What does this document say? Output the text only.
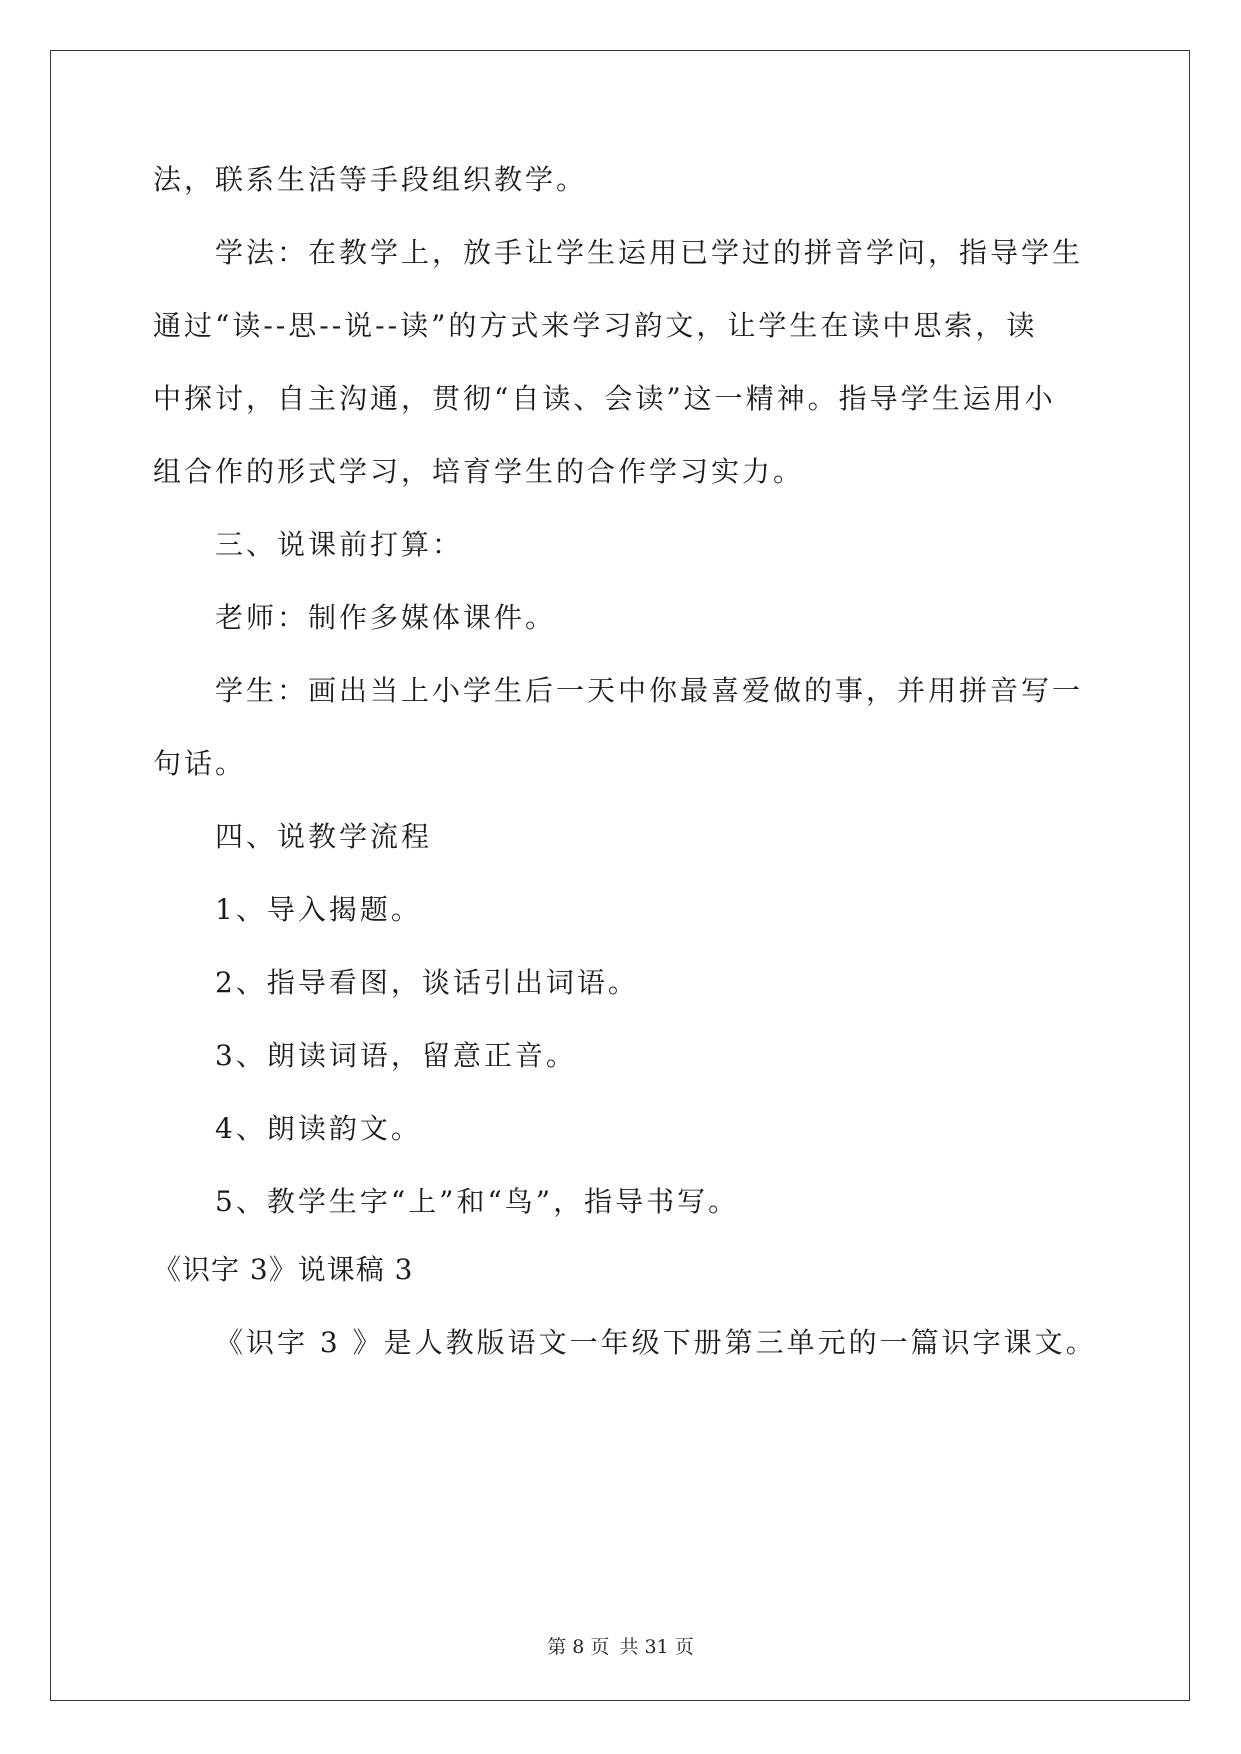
法，联系生活等手段组织教学。
学法：在教学上，放手让学生运用已学过的拼音学问，指导学生
通过“读--思--说--读”的方式来学习韵文，让学生在读中思索，读
中探讨，自主沟通，贯彻“自读、会读”这一精神。指导学生运用小
组合作的形式学习，培育学生的合作学习实力。
三、说课前打算：
老师：制作多媒体课件。
学生：画出当上小学生后一天中你最喜爱做的事，并用拼音写一
句话。
四、说教学流程
1、导入揭题。
2、指导看图，谈话引出词语。
3、朗读词语，留意正音。
4、朗读韵文。
5、教学生字“上”和“鸟”，指导书写。
《识字 3》说课稿 3
《识字 3 》是人教版语文一年级下册第三单元的一篇识字课文。
第 8 页 共 31 页
